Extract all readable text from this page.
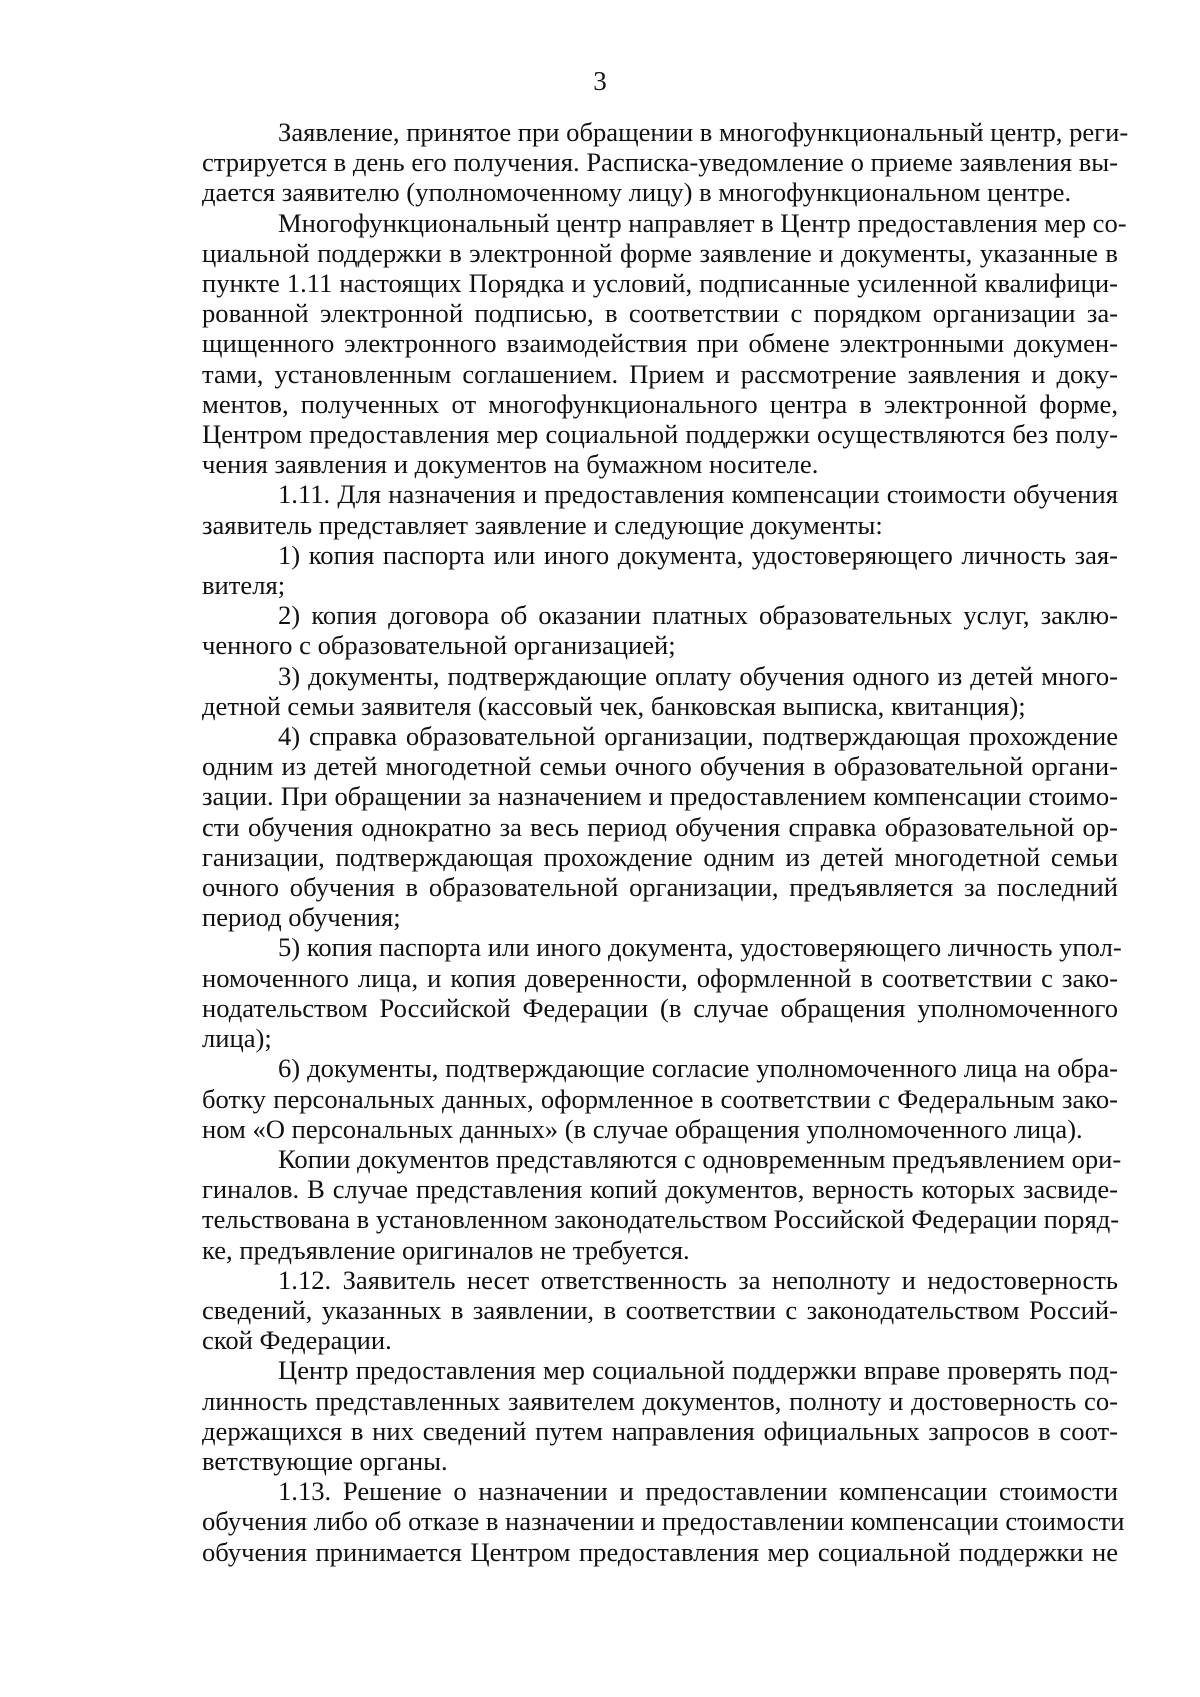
3

Заявление, принятое при обращении в многофункциональный центр, реги-
стрируется в день его получения. Расписка-уведомление о приеме заявления вы-
дается заявителю (уполномоченному лицу) в многофункциональном центре.

Многофункциональный центр направляет в Центр предоставления мер со-
циальной поддержки в электронной форме заявление и документы, указанные в
пункте 1.11 настоящих Порядка и условий, подписанные усиленной квалифици-
рованной электронной подписью, в соответствии с порядком организации за-
щищенного электронного взаимодействия при обмене электронными докумен-
тами, установленным соглашением. Прием и рассмотрение заявления и доку-
ментов, полученных от многофункционального центра в электронной форме,
Центром предоставления мер социальной поддержки осуществляются без полу-
чения заявления и документов на бумажном носителе.

1.11. Для назначения и предоставления компенсации стоимости обучения
заявитель представляет заявление и следующие документы:

1) копия паспорта или иного документа, удостоверяющего личность зая-
вителя;

2) копия договора об оказании платных образовательных услуг, заклю-
ченного с образовательной организацией;

3) документы, подтверждающие оплату обучения одного из детей много-
детной семьи заявителя (кассовый чек, банковская выписка, квитанция);

4) справка образовательной организации, подтверждающая прохождение
одним из детей многодетной семьи очного обучения в образовательной органи-
зации. При обращении за назначением и предоставлением компенсации стоимо-
сти обучения однократно за весь период обучения справка образовательной ор-
ганизации, подтверждающая прохождение одним из детей многодетной семьи
очного обучения в образовательной организации, предъявляется за последний
период обучения;

5) копия паспорта или иного документа, удостоверяющего личность упол-
номоченного лица, и копия доверенности, оформленной в соответствии с зако-
нодательством Российской Федерации (в случае обращения уполномоченного
лица);

6) документы, подтверждающие согласие уполномоченного лица на обра-
ботку персональных данных, оформленное в соответствии с Федеральным зако-
ном «О персональных данных» (в случае обращения уполномоченного лица).

Копии документов представляются с одновременным предъявлением ори-
гиналов. В случае представления копий документов, верность которых засвиде-
тельствована в установленном законодательством Российской Федерации поряд-
ке, предъявление оригиналов не требуется.

1.12. Заявитель несет ответственность за неполноту и недостоверность
сведений, указанных в заявлении, в соответствии с законодательством Россий-
ской Федерации.

Центр предоставления мер социальной поддержки вправе проверять под-
линность представленных заявителем документов, полноту и достоверность со-
держащихся в них сведений путем направления официальных запросов в соот-
ветствующие органы.

1.13. Решение о назначении и предоставлении компенсации стоимости
обучения либо об отказе в назначении и предоставлении компенсации стоимости
обучения принимается Центром предоставления мер социальной поддержки не
